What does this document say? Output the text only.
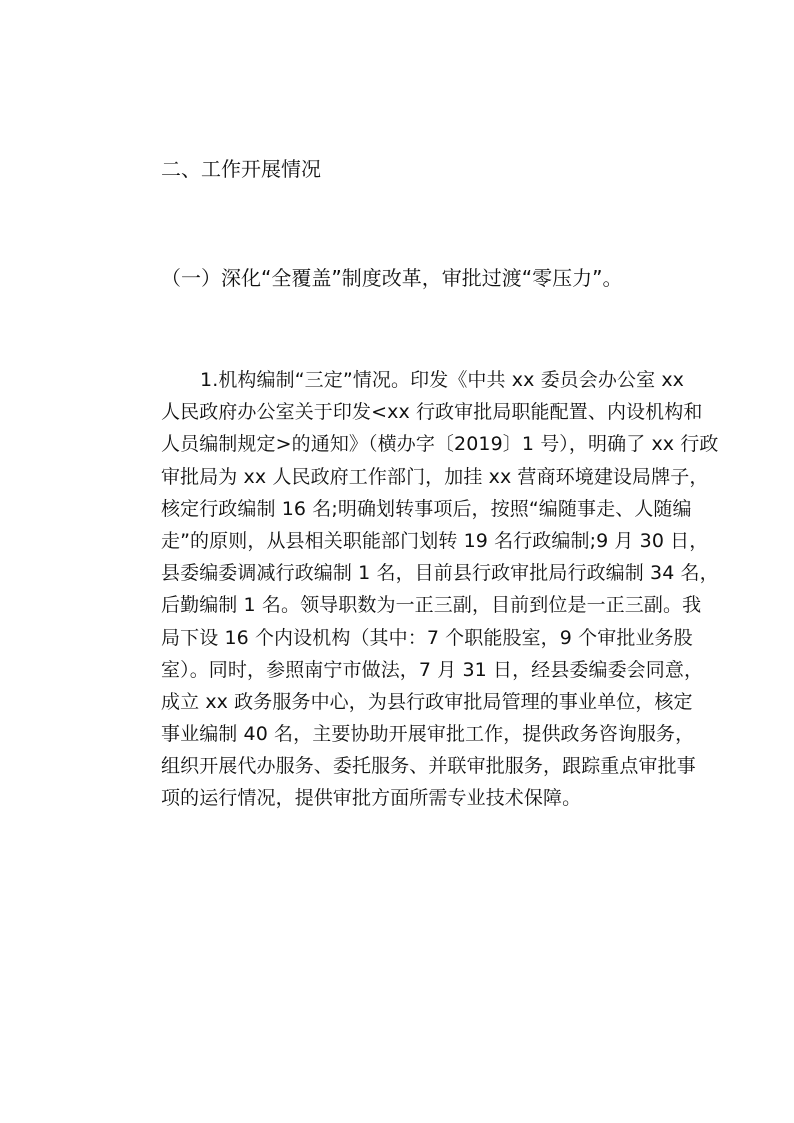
二、工作开展情况
（一）深化“全覆盖”制度改革，审批过渡“零压力”。
1.机构编制“三定”情况。印发《中共 xx 委员会办公室 xx
人民政府办公室关于印发<xx 行政审批局职能配置、内设机构和
人员编制规定>的通知》（横办字〔2019〕1 号），明确了 xx 行政
审批局为 xx 人民政府工作部门，加挂 xx 营商环境建设局牌子，
核定行政编制 16 名;明确划转事项后，按照“编随事走、人随编
走”的原则，从县相关职能部门划转 19 名行政编制;9 月 30 日，
县委编委调减行政编制 1 名，目前县行政审批局行政编制 34 名，
后勤编制 1 名。领导职数为一正三副，目前到位是一正三副。我
局下设 16 个内设机构（其中：7 个职能股室，9 个审批业务股
室）。同时，参照南宁市做法，7 月 31 日，经县委编委会同意，
成立 xx 政务服务中心，为县行政审批局管理的事业单位，核定
事业编制 40 名，主要协助开展审批工作，提供政务咨询服务，
组织开展代办服务、委托服务、并联审批服务，跟踪重点审批事
项的运行情况，提供审批方面所需专业技术保障。
